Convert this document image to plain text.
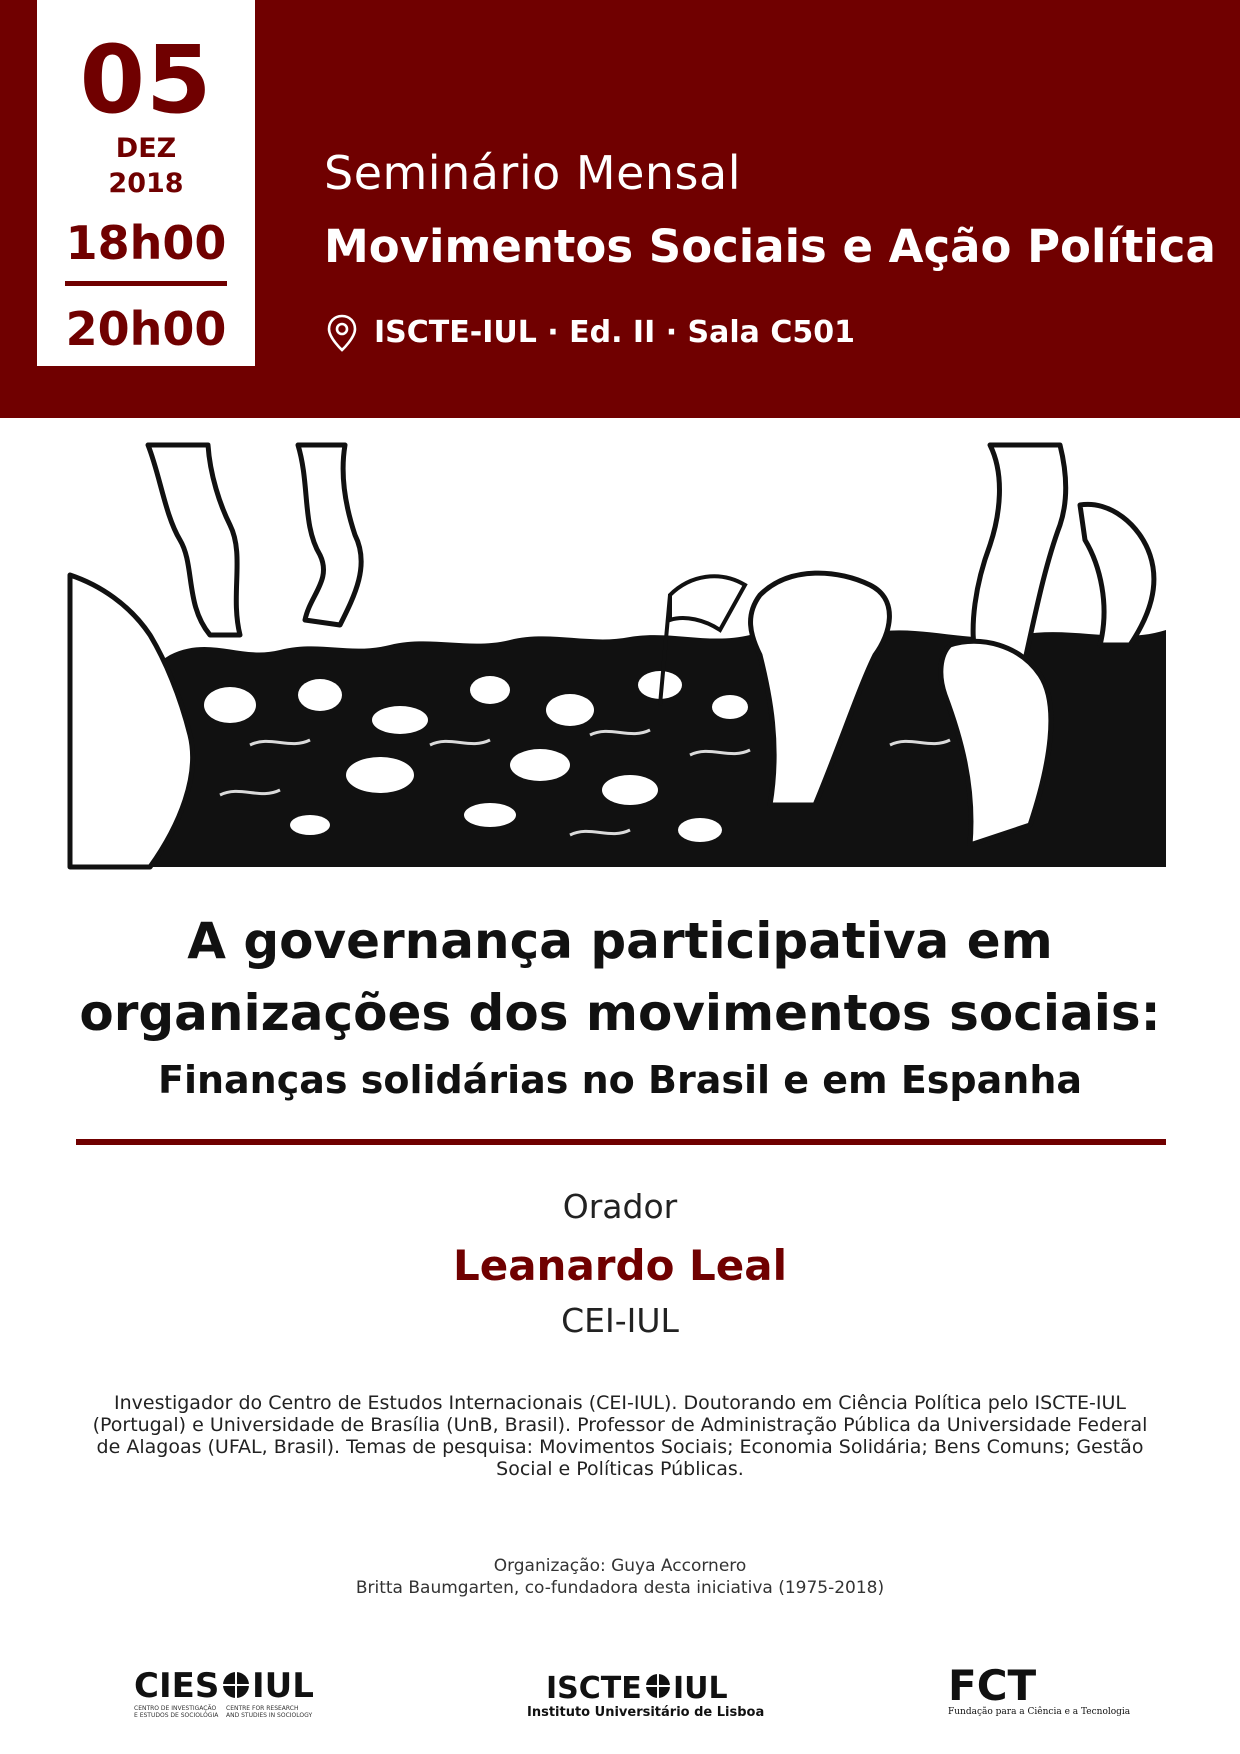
05
DEZ
2018
18h00
20h00
Seminário Mensal
Movimentos Sociais e Ação Política
ISCTE-IUL · Ed. II · Sala C501
A governança participativa em
organizações dos movimentos sociais:
Finanças solidárias no Brasil e em Espanha
Orador
Leanardo Leal
CEI-IUL
Investigador do Centro de Estudos Internacionais (CEI-IUL). Doutorando em Ciência Política pelo ISCTE-IUL (Portugal) e Universidade de Brasília (UnB, Brasil). Professor de Administração Pública da Universidade Federal de Alagoas (UFAL, Brasil). Temas de pesquisa: Movimentos Sociais; Economia Solidária; Bens Comuns; Gestão Social e Políticas Públicas.
Organização: Guya Accornero
Britta Baumgarten, co-fundadora desta iniciativa (1975-2018)
CIES IUL
CENTRO DE INVESTIGAÇÃO
E ESTUDOS DE SOCIOLOGIA
CENTRE FOR RESEARCH
AND STUDIES IN SOCIOLOGY
ISCTE IUL
Instituto Universitário de Lisboa
FCT
Fundação para a Ciência e a Tecnologia
